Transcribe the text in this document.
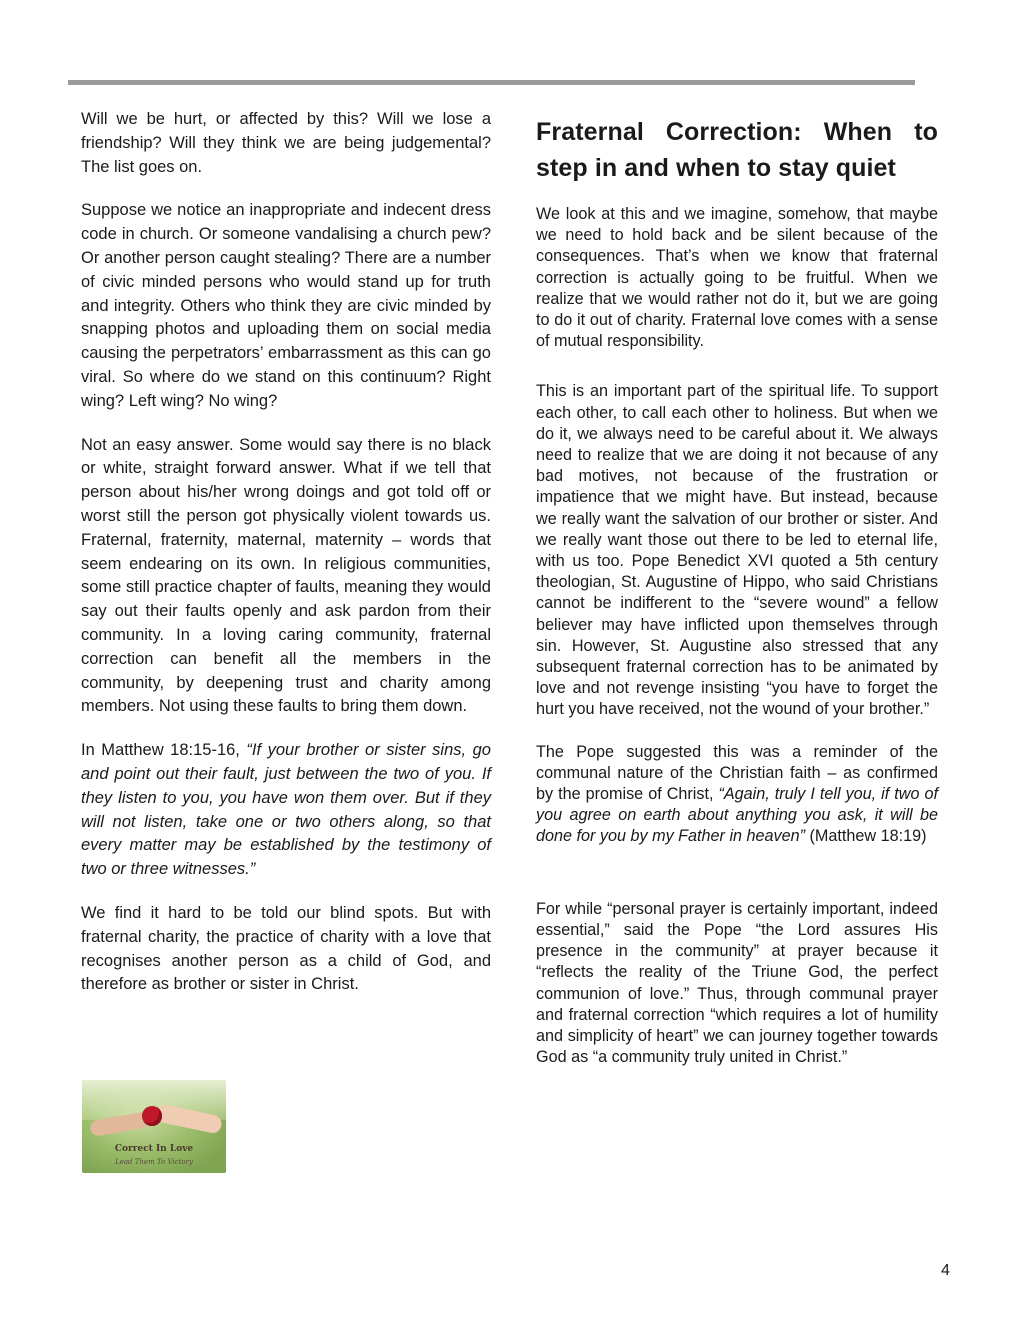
Will we be hurt, or affected by this? Will we lose a friendship? Will they think we are being judgemental? The list goes on.

Suppose we notice an inappropriate and indecent dress code in church. Or someone vandalising a church pew? Or another person caught stealing? There are a number of civic minded persons who would stand up for truth and integrity. Others who think they are civic minded by snapping photos and uploading them on social media causing the perpetrators’ embarrassment as this can go viral. So where do we stand on this continuum? Right wing? Left wing? No wing?

Not an easy answer. Some would say there is no black or white, straight forward answer. What if we tell that person about his/her wrong doings and got told off or worst still the person got physically violent towards us. Fraternal, fraternity, maternal, maternity – words that seem endearing on its own. In religious communities, some still practice chapter of faults, meaning they would say out their faults openly and ask pardon from their community. In a loving caring community, fraternal correction can benefit all the members in the community, by deepening trust and charity among members. Not using these faults to bring them down.

In Matthew 18:15-16, “If your brother or sister sins, go and point out their fault, just between the two of you. If they listen to you, you have won them over. But if they will not listen, take one or two others along, so that every matter may be established by the testimony of two or three witnesses.”

We find it hard to be told our blind spots. But with fraternal charity, the practice of charity with a love that recognises another person as a child of God, and therefore as brother or sister in Christ.

Correct In Love
Lead Them To Victory
Fraternal Correction: When to step in and when to stay quiet

We look at this and we imagine, somehow, that maybe we need to hold back and be silent because of the consequences. That’s when we know that fraternal correction is actually going to be fruitful. When we realize that we would rather not do it, but we are going to do it out of charity. Fraternal love comes with a sense of mutual responsibility.

This is an important part of the spiritual life. To support each other, to call each other to holiness. But when we do it, we always need to be careful about it. We always need to realize that we are doing it not because of any bad motives, not because of the frustration or impatience that we might have. But instead, because we really want the salvation of our brother or sister. And we really want those out there to be led to eternal life, with us too. Pope Benedict XVI quoted a 5th century theologian, St. Augustine of Hippo, who said Christians cannot be indifferent to the “severe wound” a fellow believer may have inflicted upon themselves through sin. However, St. Augustine also stressed that any subsequent fraternal correction has to be animated by love and not revenge insisting “you have to forget the hurt you have received, not the wound of your brother.”

The Pope suggested this was a reminder of the communal nature of the Christian faith – as confirmed by the promise of Christ, “Again, truly I tell you, if two of you agree on earth about anything you ask, it will be done for you by my Father in heaven” (Matthew 18:19)

For while “personal prayer is certainly important, indeed essential,” said the Pope “the Lord assures His presence in the community” at prayer because it “reflects the reality of the Triune God, the perfect communion of love.” Thus, through communal prayer and fraternal correction “which requires a lot of humility and simplicity of heart” we can journey together towards God as “a community truly united in Christ.”

4
